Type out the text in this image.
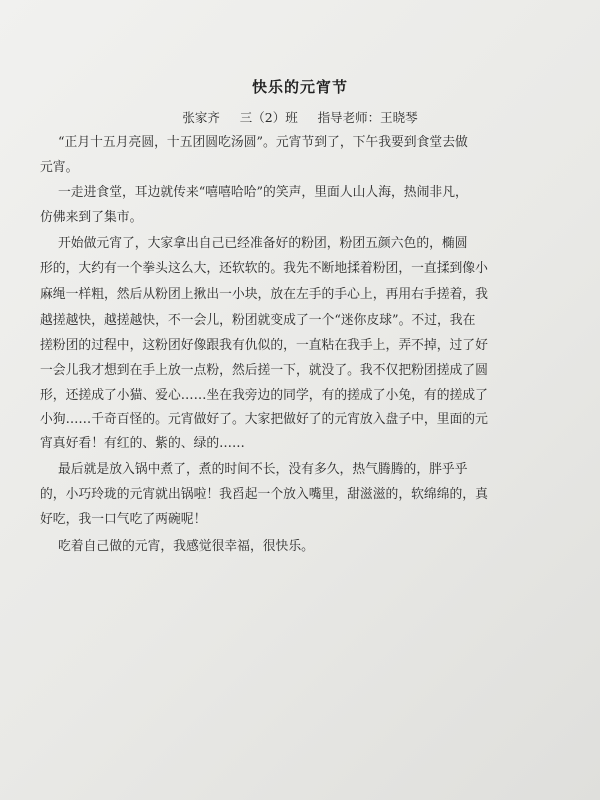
快乐的元宵节
张家齐     三（2）班     指导老师：王晓琴
“正月十五月亮圆，十五团圆吃汤圆”。元宵节到了，下午我要到食堂去做
元宵。
一走进食堂，耳边就传来“嘻嘻哈哈”的笑声，里面人山人海，热闹非凡，
仿佛来到了集市。
开始做元宵了，大家拿出自己已经准备好的粉团，粉团五颜六色的，椭圆
形的，大约有一个拳头这么大，还软软的。我先不断地揉着粉团，一直揉到像小
麻绳一样粗，然后从粉团上揪出一小块，放在左手的手心上，再用右手搓着，我
越搓越快，越搓越快，不一会儿，粉团就变成了一个“迷你皮球”。不过，我在
搓粉团的过程中，这粉团好像跟我有仇似的，一直粘在我手上，弄不掉，过了好
一会儿我才想到在手上放一点粉，然后搓一下，就没了。我不仅把粉团搓成了圆
形，还搓成了小猫、爱心……坐在我旁边的同学，有的搓成了小兔，有的搓成了
小狗……千奇百怪的。元宵做好了。大家把做好了的元宵放入盘子中，里面的元
宵真好看！有红的、紫的、绿的……
最后就是放入锅中煮了，煮的时间不长，没有多久，热气腾腾的，胖乎乎
的，小巧玲珑的元宵就出锅啦！我舀起一个放入嘴里，甜滋滋的，软绵绵的，真
好吃，我一口气吃了两碗呢！
吃着自己做的元宵，我感觉很幸福，很快乐。
